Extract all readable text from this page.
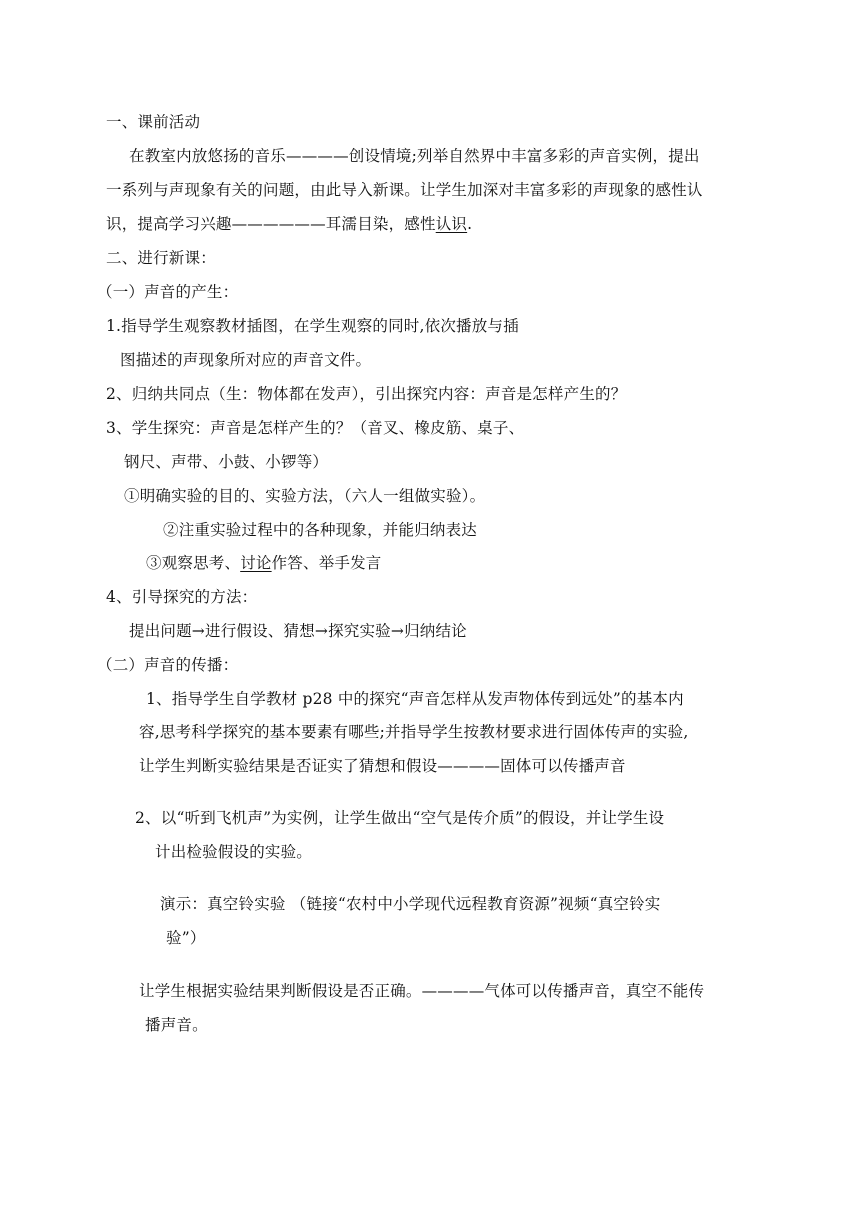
一、课前活动
在教室内放悠扬的音乐————创设情境;列举自然界中丰富多彩的声音实例，提出
一系列与声现象有关的问题，由此导入新课。让学生加深对丰富多彩的声现象的感性认
识，提高学习兴趣——————耳濡目染，感性认识.
二、进行新课：
（一）声音的产生：
1.指导学生观察教材插图，在学生观察的同时,依次播放与插
图描述的声现象所对应的声音文件。
2、归纳共同点（生：物体都在发声），引出探究内容：声音是怎样产生的？
3、学生探究：声音是怎样产生的？（音叉、橡皮筋、桌子、
钢尺、声带、小鼓、小锣等）
①明确实验的目的、实验方法，（六人一组做实验）。
②注重实验过程中的各种现象，并能归纳表达
③观察思考、讨论作答、举手发言
4、引导探究的方法：
提出问题→进行假设、猜想→探究实验→归纳结论
（二）声音的传播：
1、指导学生自学教材 p28 中的探究“声音怎样从发声物体传到远处”的基本内
容,思考科学探究的基本要素有哪些;并指导学生按教材要求进行固体传声的实验,
让学生判断实验结果是否证实了猜想和假设————固体可以传播声音
2、以“听到飞机声”为实例，让学生做出“空气是传介质”的假设，并让学生设
计出检验假设的实验。
演示：真空铃实验 （链接“农村中小学现代远程教育资源”视频“真空铃实
验”）
让学生根据实验结果判断假设是否正确。————气体可以传播声音，真空不能传
播声音。
